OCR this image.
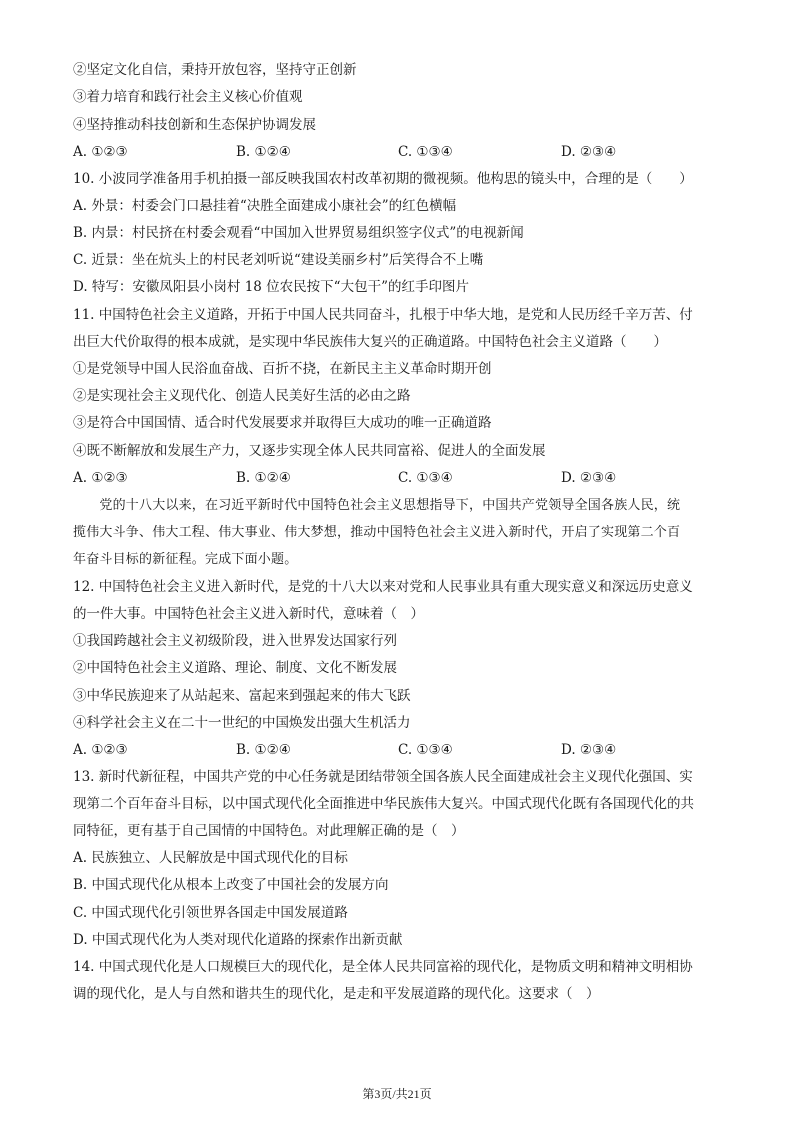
②坚定文化自信，秉持开放包容，坚持守正创新
③着力培育和践行社会主义核心价值观
④坚持推动科技创新和生态保护协调发展
A. ①②③	B. ①②④	C. ①③④	D. ②③④
10. 小波同学准备用手机拍摄一部反映我国农村改革初期的微视频。他构思的镜头中，合理的是（　　）
A. 外景：村委会门口悬挂着“决胜全面建成小康社会”的红色横幅
B. 内景：村民挤在村委会观看“中国加入世界贸易组织签字仪式”的电视新闻
C. 近景：坐在炕头上的村民老刘听说“建设美丽乡村”后笑得合不上嘴
D. 特写：安徽凤阳县小岗村 18 位农民按下“大包干”的红手印图片
11. 中国特色社会主义道路，开拓于中国人民共同奋斗，扎根于中华大地，是党和人民历经千辛万苦、付
出巨大代价取得的根本成就，是实现中华民族伟大复兴的正确道路。中国特色社会主义道路（　　）
①是党领导中国人民浴血奋战、百折不挠，在新民主主义革命时期开创
②是实现社会主义现代化、创造人民美好生活的必由之路
③是符合中国国情、适合时代发展要求并取得巨大成功的唯一正确道路
④既不断解放和发展生产力，又逐步实现全体人民共同富裕、促进人的全面发展
A. ①②③	B. ①②④	C. ①③④	D. ②③④
　　党的十八大以来，在习近平新时代中国特色社会主义思想指导下，中国共产党领导全国各族人民，统
揽伟大斗争、伟大工程、伟大事业、伟大梦想，推动中国特色社会主义进入新时代，开启了实现第二个百
年奋斗目标的新征程。完成下面小题。
12. 中国特色社会主义进入新时代，是党的十八大以来对党和人民事业具有重大现实意义和深远历史意义
的一件大事。中国特色社会主义进入新时代，意味着（　）
①我国跨越社会主义初级阶段，进入世界发达国家行列
②中国特色社会主义道路、理论、制度、文化不断发展
③中华民族迎来了从站起来、富起来到强起来的伟大飞跃
④科学社会主义在二十一世纪的中国焕发出强大生机活力
A. ①②③	B. ①②④	C. ①③④	D. ②③④
13. 新时代新征程，中国共产党的中心任务就是团结带领全国各族人民全面建成社会主义现代化强国、实
现第二个百年奋斗目标，以中国式现代化全面推进中华民族伟大复兴。中国式现代化既有各国现代化的共
同特征，更有基于自己国情的中国特色。对此理解正确的是（　）
A. 民族独立、人民解放是中国式现代化的目标
B. 中国式现代化从根本上改变了中国社会的发展方向
C. 中国式现代化引领世界各国走中国发展道路
D. 中国式现代化为人类对现代化道路的探索作出新贡献
14. 中国式现代化是人口规模巨大的现代化，是全体人民共同富裕的现代化，是物质文明和精神文明相协
调的现代化，是人与自然和谐共生的现代化，是走和平发展道路的现代化。这要求（　）
第3页/共21页
